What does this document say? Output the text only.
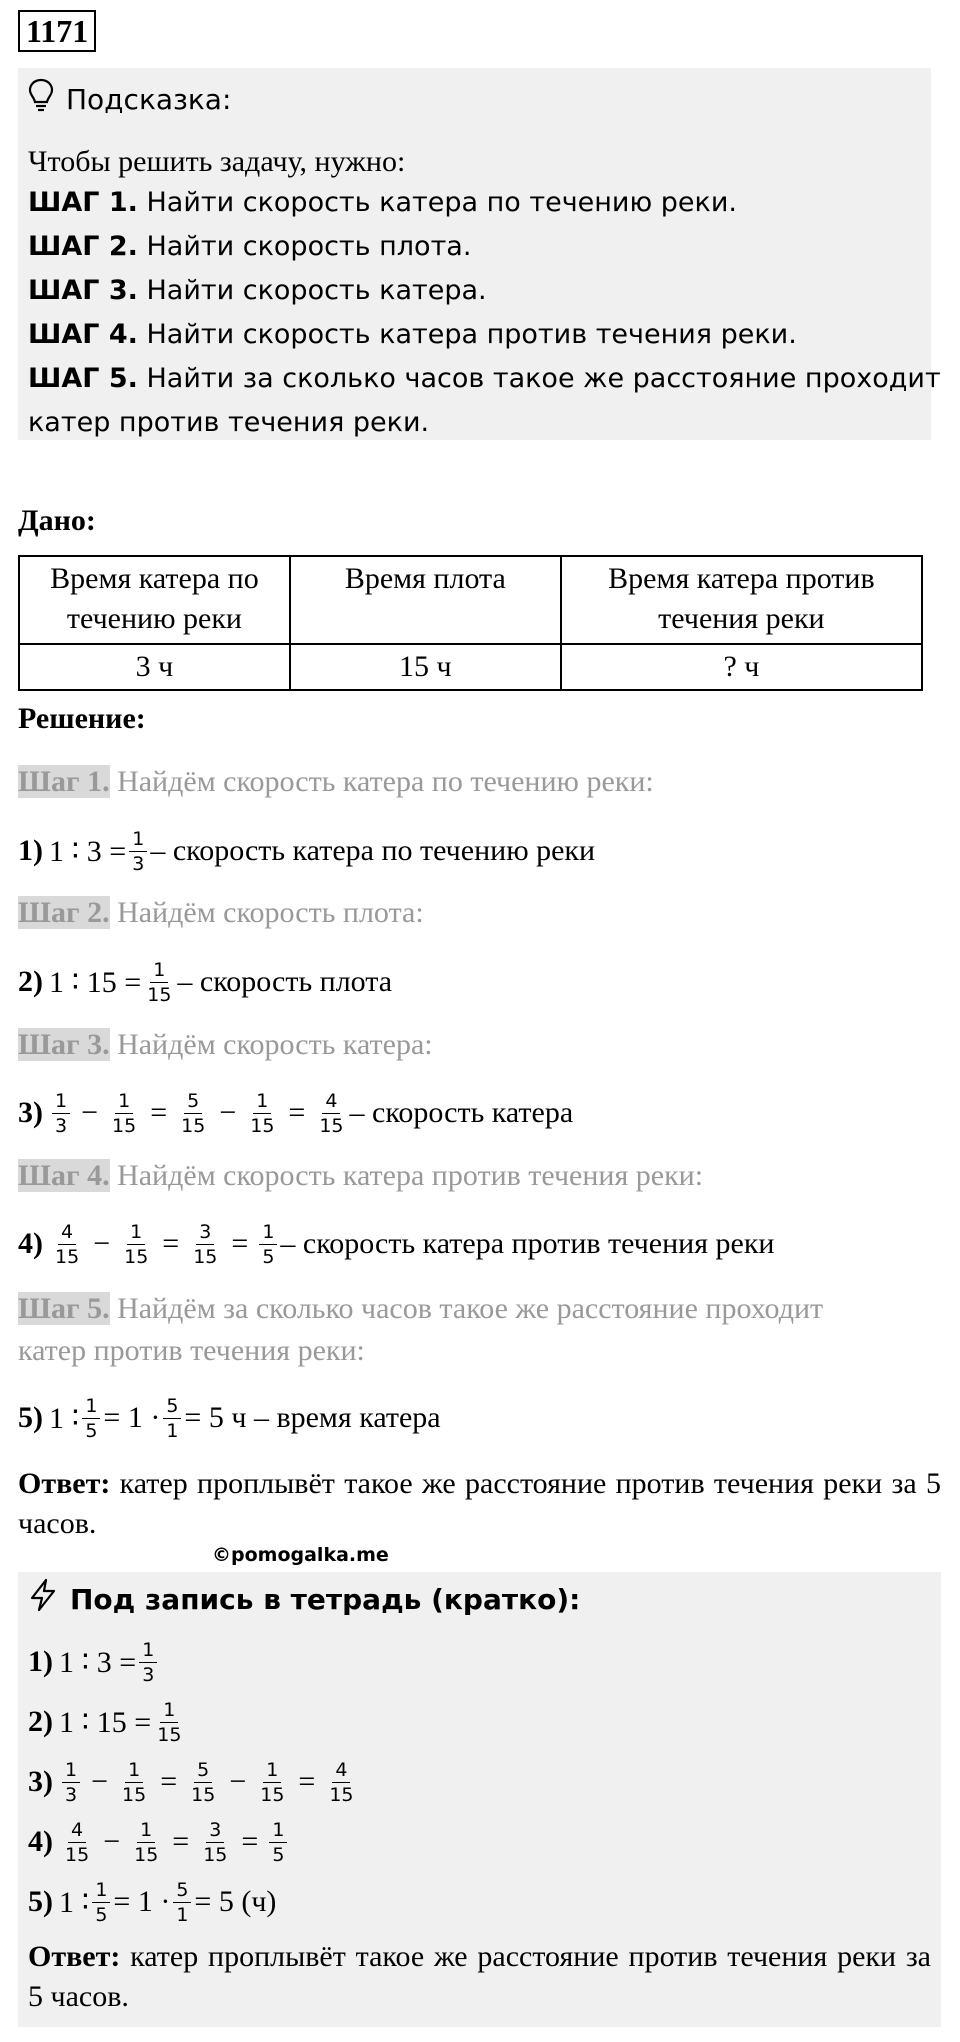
1171
Подсказка:
Чтобы решить задачу, нужно:
ШАГ 1. Найти скорость катера по течению реки.
ШАГ 2. Найти скорость плота.
ШАГ 3. Найти скорость катера.
ШАГ 4. Найти скорость катера против течения реки.
ШАГ 5. Найти за сколько часов такое же расстояние проходит
катер против течения реки.
Дано:
Время катера по течению реки	Время плота	Время катера против течения реки
3 ч	15 ч	? ч
Решение:
Шаг 1. Найдём скорость катера по течению реки:
1) 1 ∶ $3 = \frac{1}{3}$ – скорость катера по течению реки
Шаг 2. Найдём скорость плота:
2) 1 ∶ $15 = \frac{1}{15}$ – скорость плота
Шаг 3. Найдём скорость катера:
$3) \frac{1}{3} - \frac{1}{15} = \frac{5}{15} - \frac{1}{15} = \frac{4}{15}$ – скорость катера
Шаг 4. Найдём скорость катера против течения реки:
$4) \frac{4}{15} - \frac{1}{15} = \frac{3}{15} = \frac{1}{5}$ – скорость катера против течения реки
Шаг 5. Найдём за сколько часов такое же расстояние проходит
катер против течения реки:
5) 1 ∶ $\frac{1}{5} = 1 \cdot \frac{5}{1} = 5$ ч
– время катера
Ответ: катер проплывёт такое же расстояние против течения реки за 5 часов.
©pomogalka.me
Под запись в тетрадь (кратко):
1) 1 ∶ $3 = \frac{1}{3}$
2) 1 ∶ $15 = \frac{1}{15}$
$3) \frac{1}{3} - \frac{1}{15} = \frac{5}{15} - \frac{1}{15} = \frac{4}{15}$
$4) \frac{4}{15} - \frac{1}{15} = \frac{3}{15} = \frac{1}{5}$
5) 1 ∶ $\frac{1}{5} = 1 \cdot \frac{5}{1} = 5$ (ч)
Ответ: катер проплывёт такое же расстояние против течения реки за 5 часов.
